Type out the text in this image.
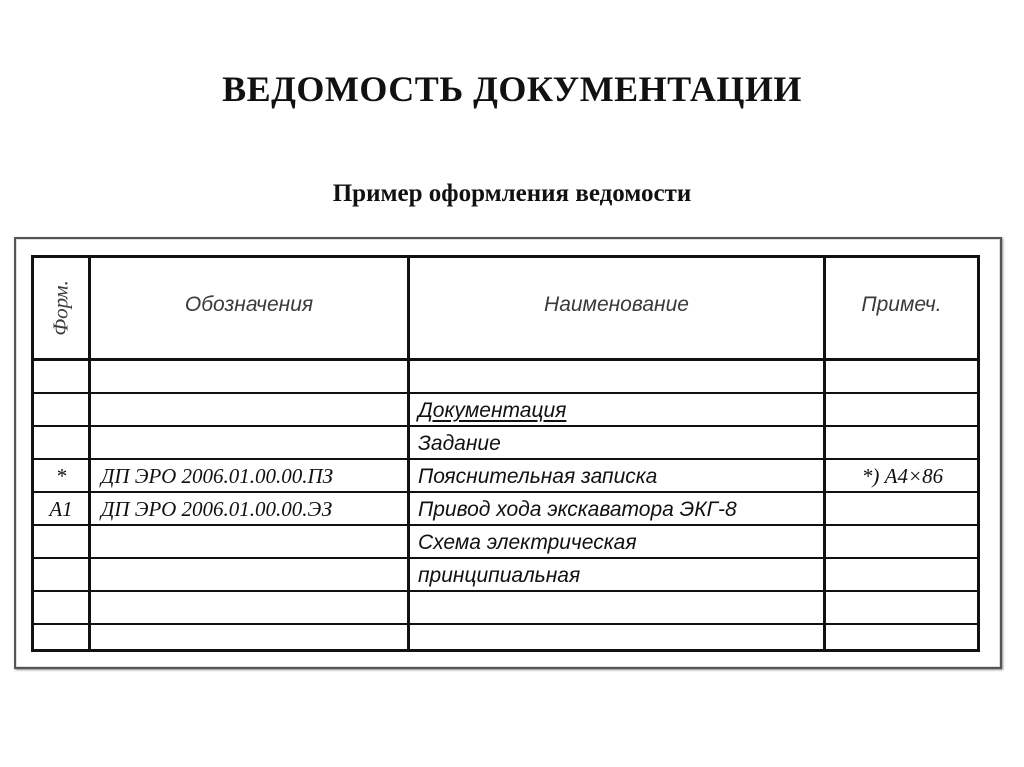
ВЕДОМОСТЬ ДОКУМЕНТАЦИИ
Пример оформления ведомости
Форм.	Обозначения	Наименование	Примеч.

		Документация	

		Задание	

*	ДП ЭРО 2006.01.00.00.ПЗ	Пояснительная записка	*) А4×86

А1	ДП ЭРО 2006.01.00.00.ЭЗ	Привод хода экскаватора ЭКГ-8	

		Схема электрическая	

		принципиальная	
